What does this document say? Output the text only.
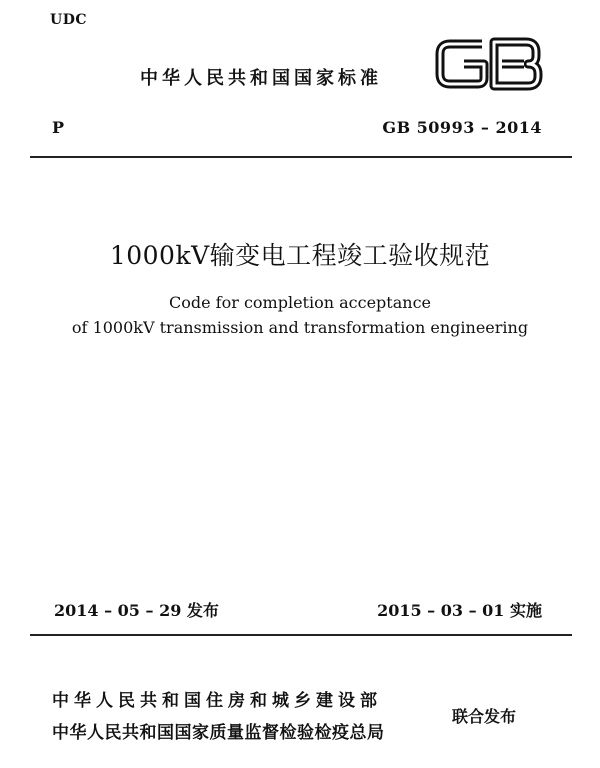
UDC
中华人民共和国国家标准
P	GB 50993 – 2014
1000kV输变电工程竣工验收规范
Code for completion acceptance
of 1000kV transmission and transformation engineering
2014 – 05 – 29 发布	2015 – 03 – 01 实施
中华人民共和国住房和城乡建设部
中华人民共和国国家质量监督检验检疫总局
联合发布
